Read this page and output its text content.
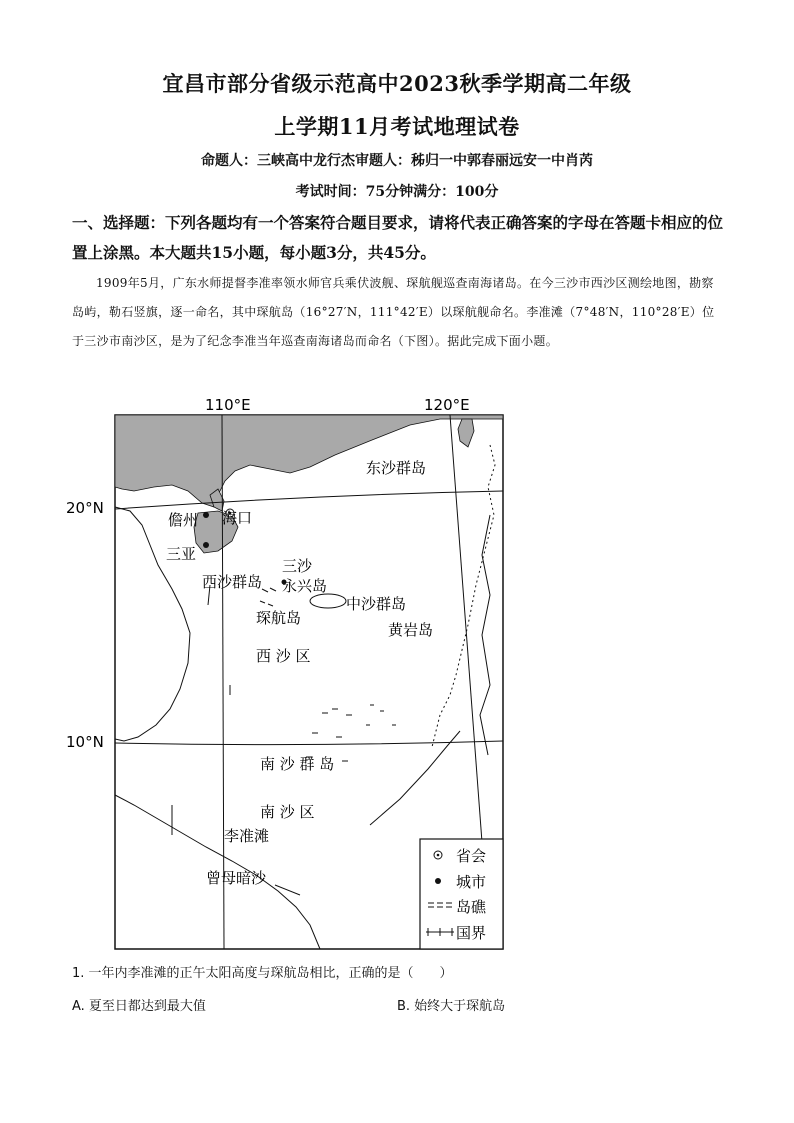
宜昌市部分省级示范高中2023秋季学期高二年级
上学期11月考试地理试卷
命题人：三峡高中龙行杰审题人：秭归一中郭春丽远安一中肖芮
考试时间：75分钟满分：100分
一、选择题：下列各题均有一个答案符合题目要求，请将代表正确答案的字母在答题卡相应的位置上涂黑。本大题共15小题，每小题3分，共45分。
1909年5月，广东水师提督李准率领水师官兵乘伏波舰、琛航舰巡查南海诸岛。在今三沙市西沙区测绘地图，勘察岛屿，勒石竖旗，逐一命名，其中琛航岛（16°27′N，111°42′E）以琛航舰命名。李准滩（7°48′N，110°28′E）位于三沙市南沙区，是为了纪念李准当年巡查南海诸岛而命名（下图）。据此完成下面小题。
110°E	120°E
20°N
10°N
东沙群岛
儋州 海口
三亚
三沙
西沙群岛 永兴岛
中沙群岛
琛航岛
黄岩岛
西 沙 区
南 沙 群 岛
南 沙 区
李准滩
曾母暗沙
省会
城市
岛礁
国界
1. 一年内李准滩的正午太阳高度与琛航岛相比，正确的是（　　）
A. 夏至日都达到最大值	B. 始终大于琛航岛
